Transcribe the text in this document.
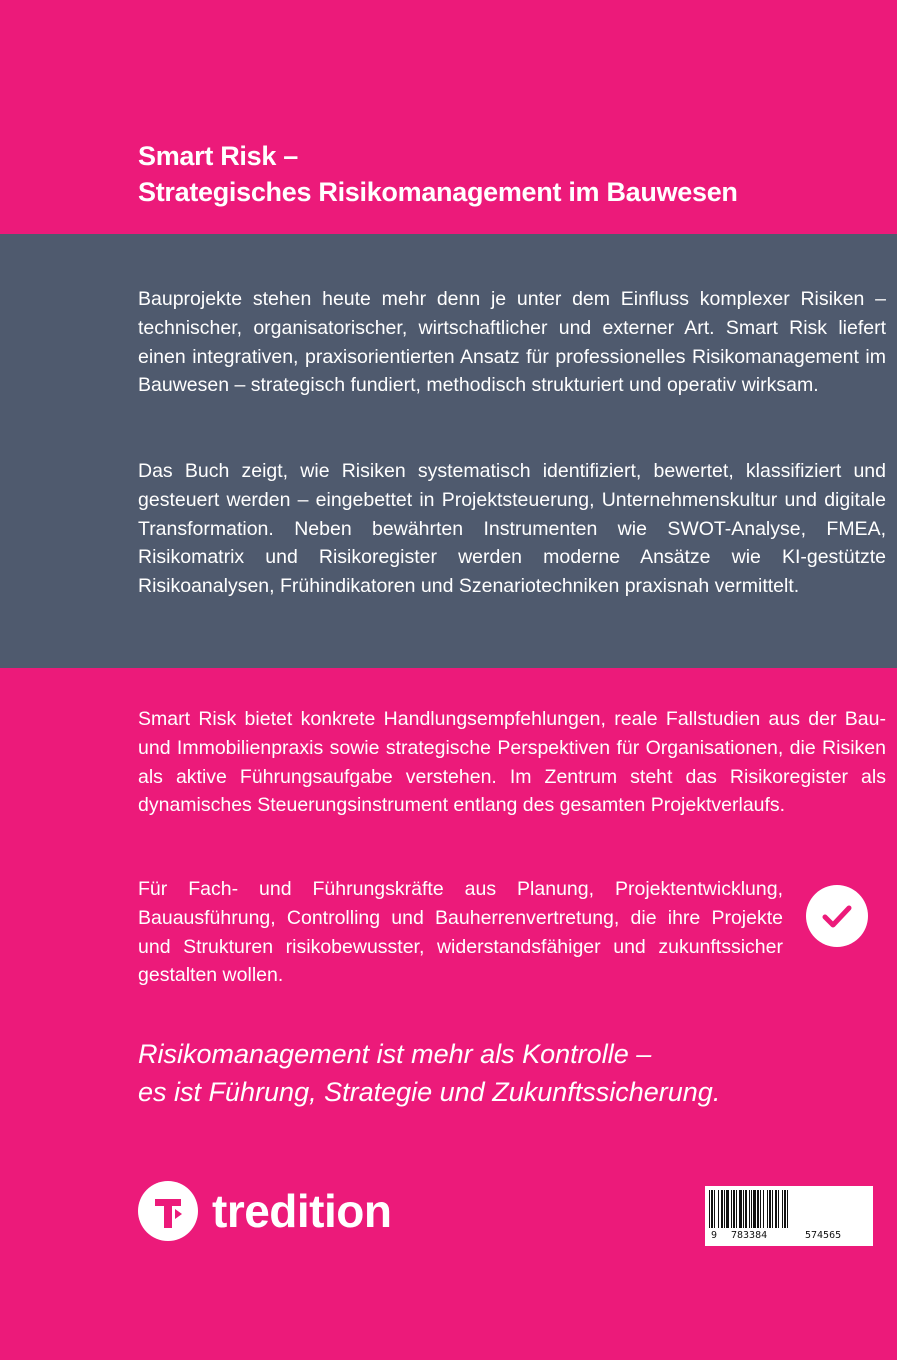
Smart Risk –
Strategisches Risikomanagement im Bauwesen

Bauprojekte stehen heute mehr denn je unter dem Einfluss komplexer Risiken – technischer, organisatorischer, wirtschaftlicher und externer Art. Smart Risk liefert einen integrativen, praxisorientierten Ansatz für professionelles Risikomanagement im Bauwesen – strategisch fundiert, methodisch strukturiert und operativ wirksam.

Das Buch zeigt, wie Risiken systematisch identifiziert, bewertet, klassifiziert und gesteuert werden – eingebettet in Projektsteuerung, Unternehmenskultur und digitale Transformation. Neben bewährten Instrumenten wie SWOT-Analyse, FMEA, Risikomatrix und Risikoregister werden moderne Ansätze wie KI-gestützte Risikoanalysen, Frühindikatoren und Szenariotechniken praxisnah vermittelt.

Smart Risk bietet konkrete Handlungsempfehlungen, reale Fallstudien aus der Bau- und Immobilienpraxis sowie strategische Perspektiven für Organisationen, die Risiken als aktive Führungsaufgabe verstehen. Im Zentrum steht das Risikoregister als dynamisches Steuerungsinstrument entlang des gesamten Projektverlaufs.

Für Fach- und Führungskräfte aus Planung, Projektentwicklung, Bauausführung, Controlling und Bauherrenvertretung, die ihre Projekte und Strukturen risikobewusster, widerstandsfähiger und zukunftssicher gestalten wollen.

Risikomanagement ist mehr als Kontrolle –
es ist Führung, Strategie und Zukunftssicherung.
tredition	9 783384	574565
